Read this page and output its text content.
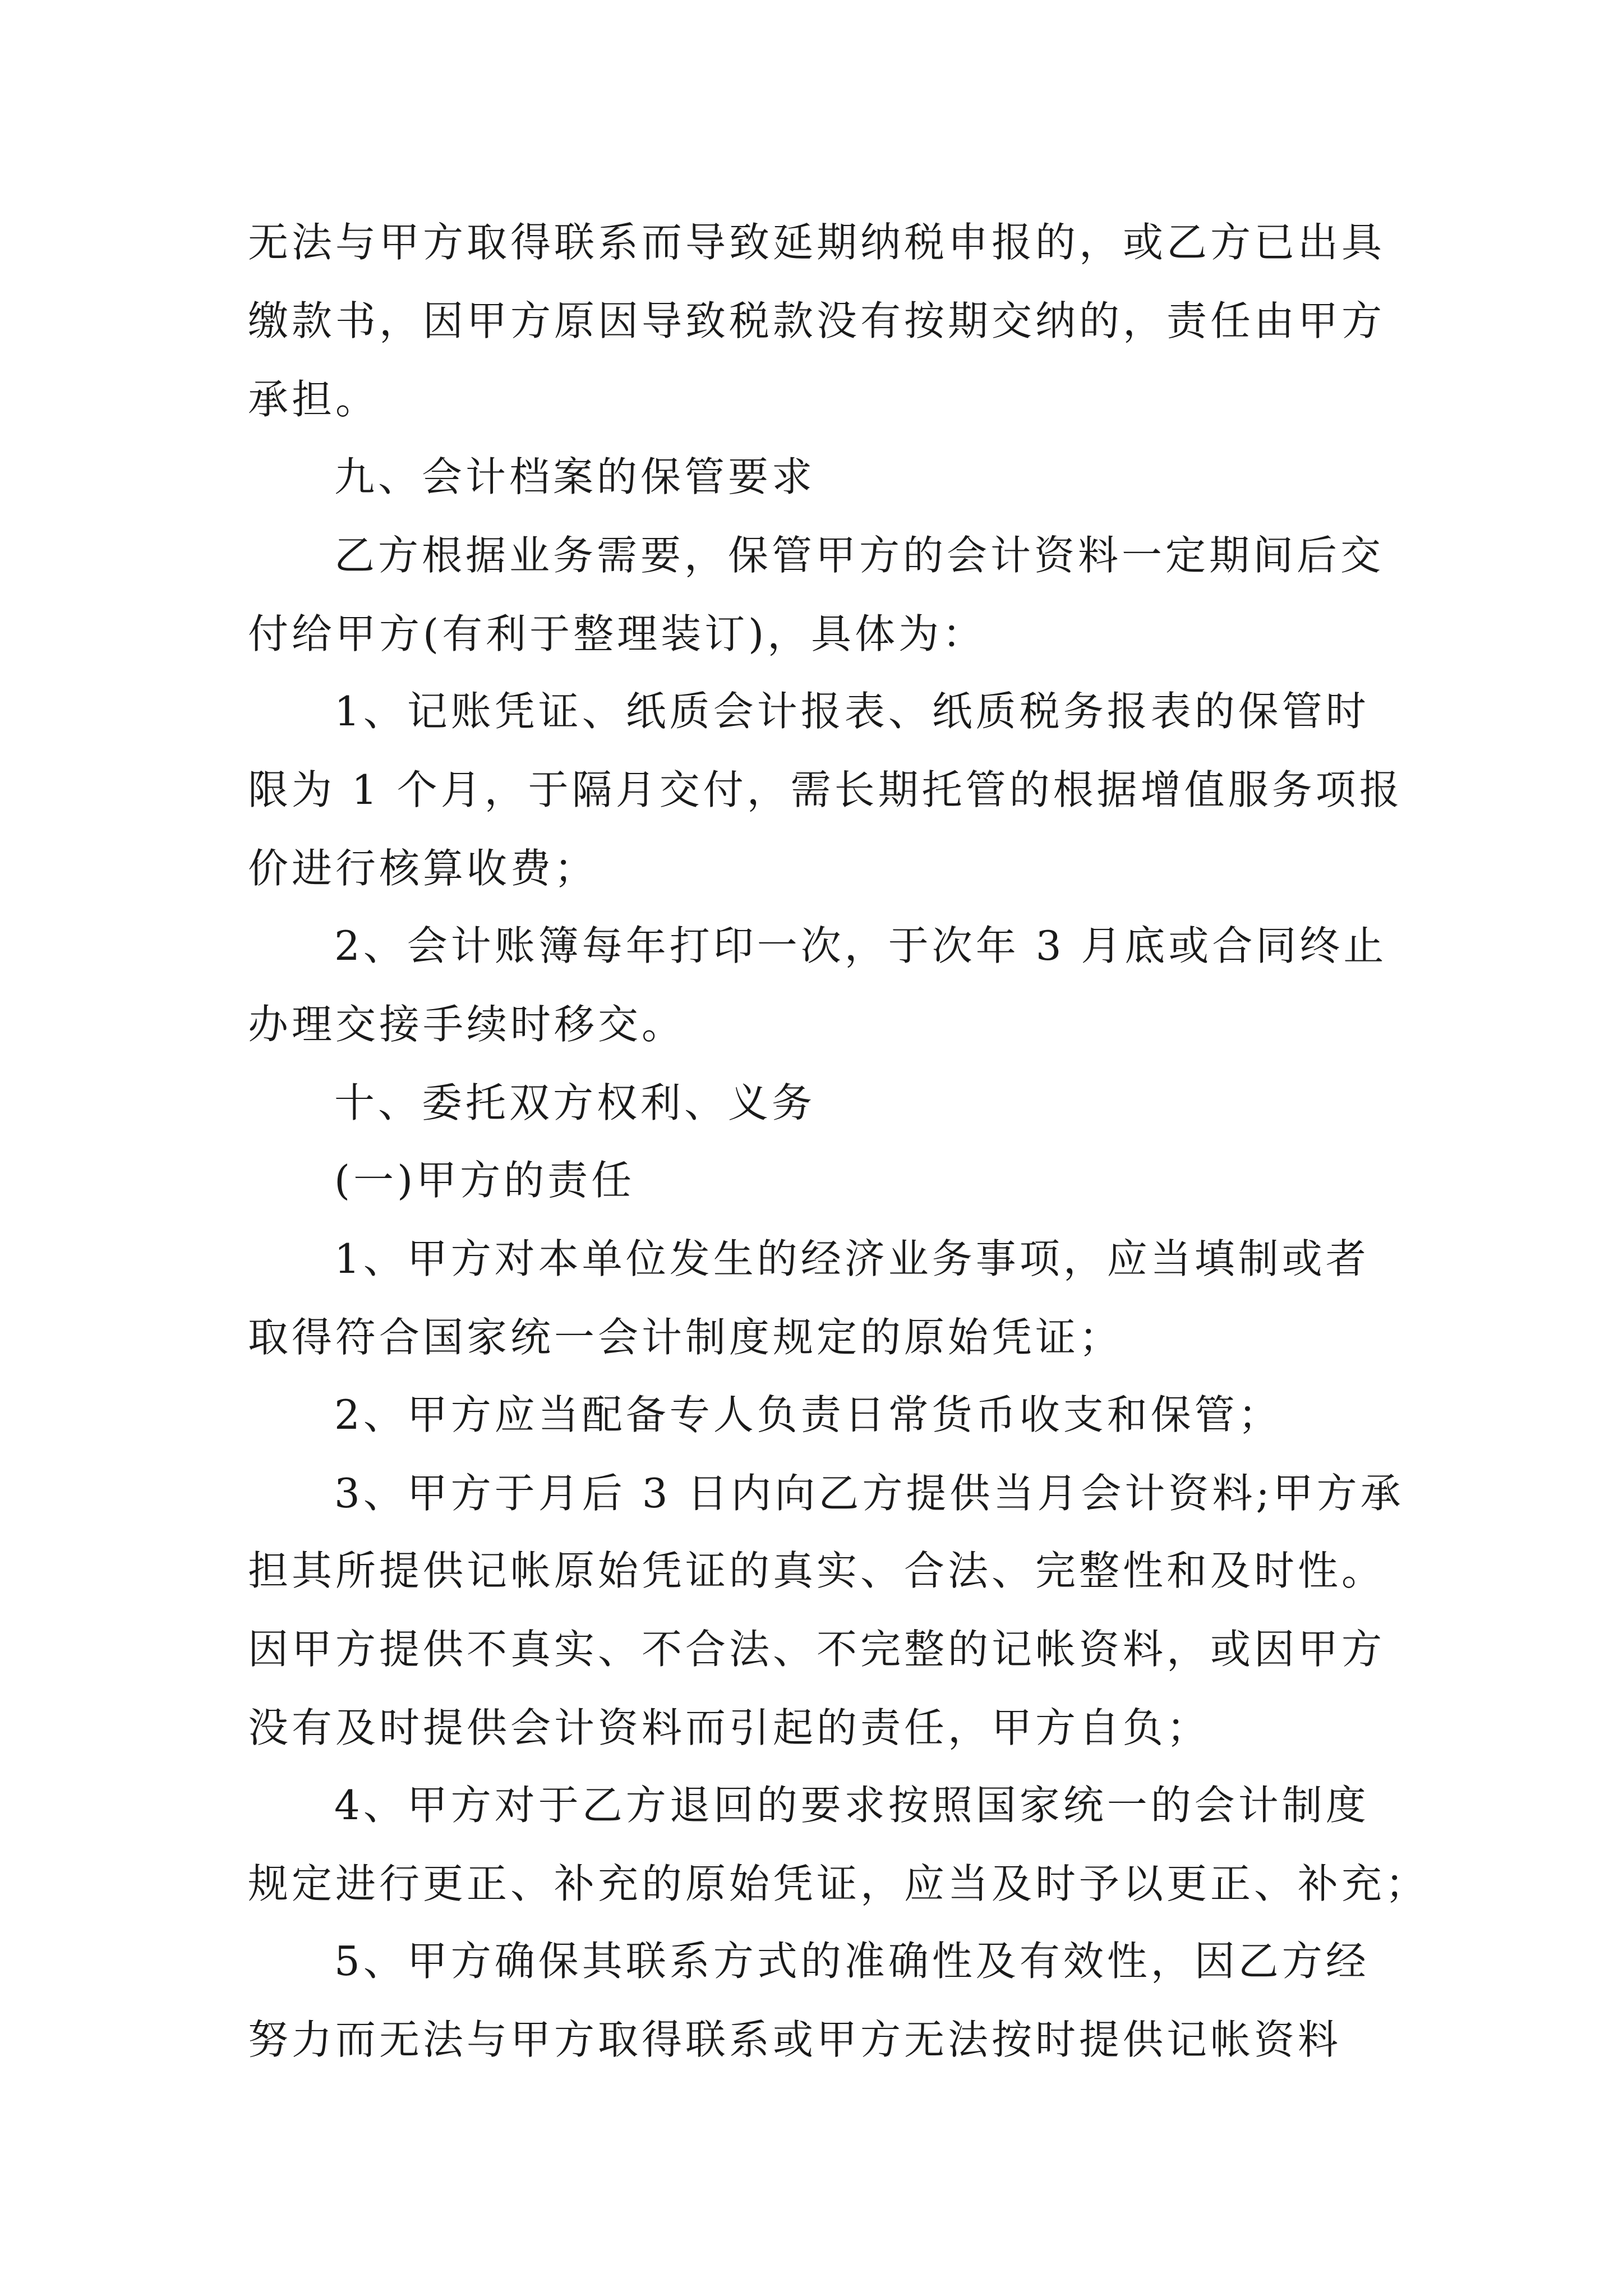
无法与甲方取得联系而导致延期纳税申报的，或乙方已出具
缴款书，因甲方原因导致税款没有按期交纳的，责任由甲方
承担。
九、会计档案的保管要求
乙方根据业务需要，保管甲方的会计资料一定期间后交
付给甲方(有利于整理装订)，具体为：
1、记账凭证、纸质会计报表、纸质税务报表的保管时
限为 1 个月，于隔月交付，需长期托管的根据增值服务项报
价进行核算收费；
2、会计账簿每年打印一次，于次年 3 月底或合同终止
办理交接手续时移交。
十、委托双方权利、义务
(一)甲方的责任
1、甲方对本单位发生的经济业务事项，应当填制或者
取得符合国家统一会计制度规定的原始凭证；
2、甲方应当配备专人负责日常货币收支和保管；
3、甲方于月后 3 日内向乙方提供当月会计资料;甲方承
担其所提供记帐原始凭证的真实、合法、完整性和及时性。
因甲方提供不真实、不合法、不完整的记帐资料，或因甲方
没有及时提供会计资料而引起的责任，甲方自负；
4、甲方对于乙方退回的要求按照国家统一的会计制度
规定进行更正、补充的原始凭证，应当及时予以更正、补充；
5、甲方确保其联系方式的准确性及有效性，因乙方经
努力而无法与甲方取得联系或甲方无法按时提供记帐资料
